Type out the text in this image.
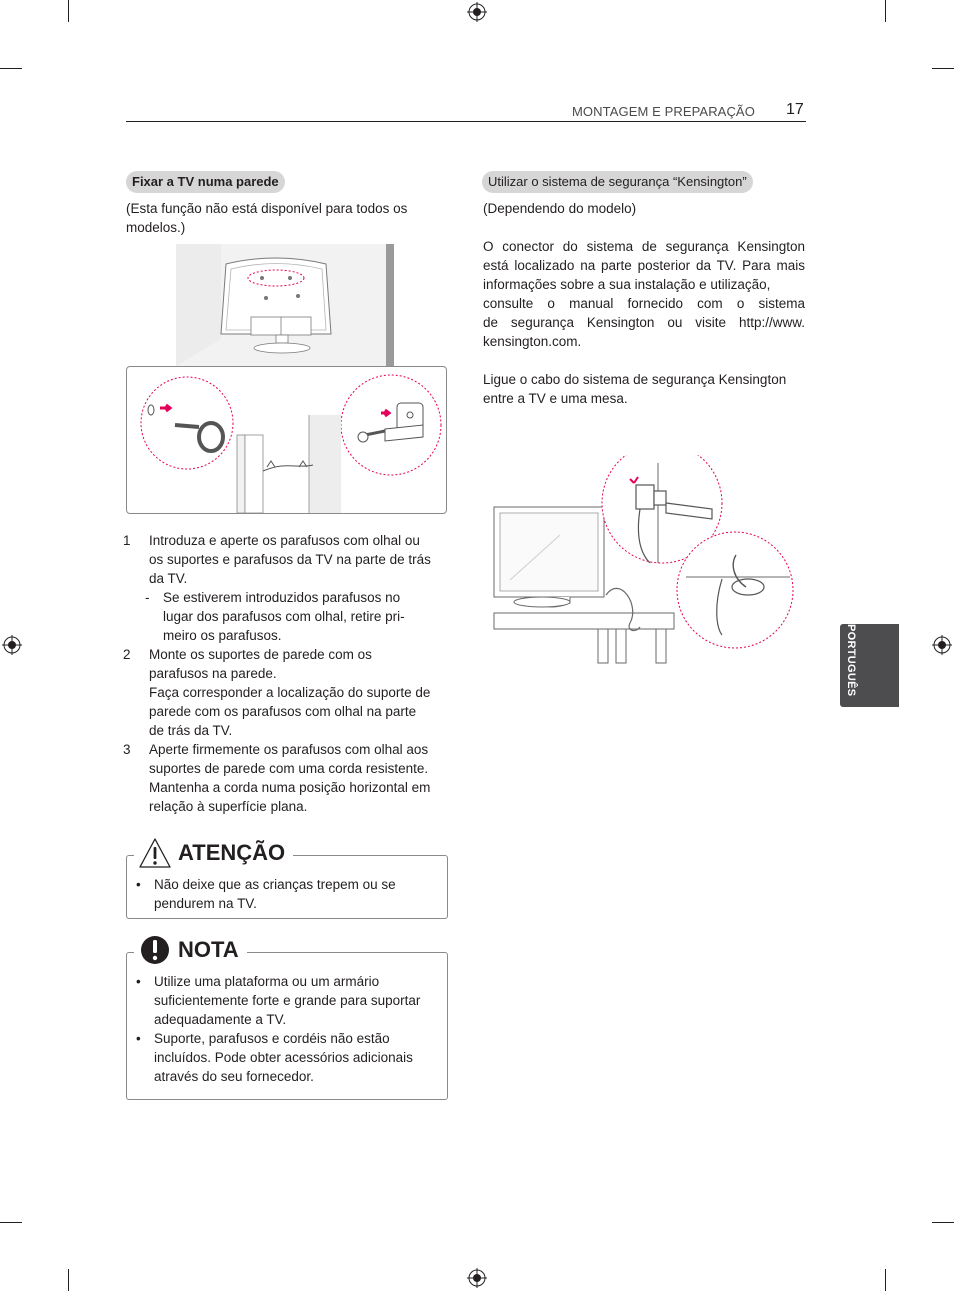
MONTAGEM E PREPARAÇÃO 17
Fixar a TV numa parede
(Esta função não está disponível para todos os modelos.)
1 Introduza e aperte os parafusos com olhal ou
os suportes e parafusos da TV na parte de trás
da TV.
- Se estiverem introduzidos parafusos no
lugar dos parafusos com olhal, retire pri-
meiro os parafusos.
2 Monte os suportes de parede com os
parafusos na parede.
Faça corresponder a localização do suporte de
parede com os parafusos com olhal na parte
de trás da TV.
3 Aperte firmemente os parafusos com olhal aos
suportes de parede com uma corda resistente.
Mantenha a corda numa posição horizontal em
relação à superfície plana.
ATENÇÃO
• Não deixe que as crianças trepem ou se
pendurem na TV.
NOTA
• Utilize uma plataforma ou um armário
suficientemente forte e grande para suportar
adequadamente a TV.
• Suporte, parafusos e cordéis não estão
incluídos. Pode obter acessórios adicionais
através do seu fornecedor.
Utilizar o sistema de segurança “Kensington”
(Dependendo do modelo)
O conector do sistema de segurança Kensington
está localizado na parte posterior da TV. Para mais
informações sobre a sua instalação e utilização,
consulte o manual fornecido com o sistema
de segurança Kensington ou visite http://www.
kensington.com.
Ligue o cabo do sistema de segurança Kensington
entre a TV e uma mesa.
PORTUGUÊS
